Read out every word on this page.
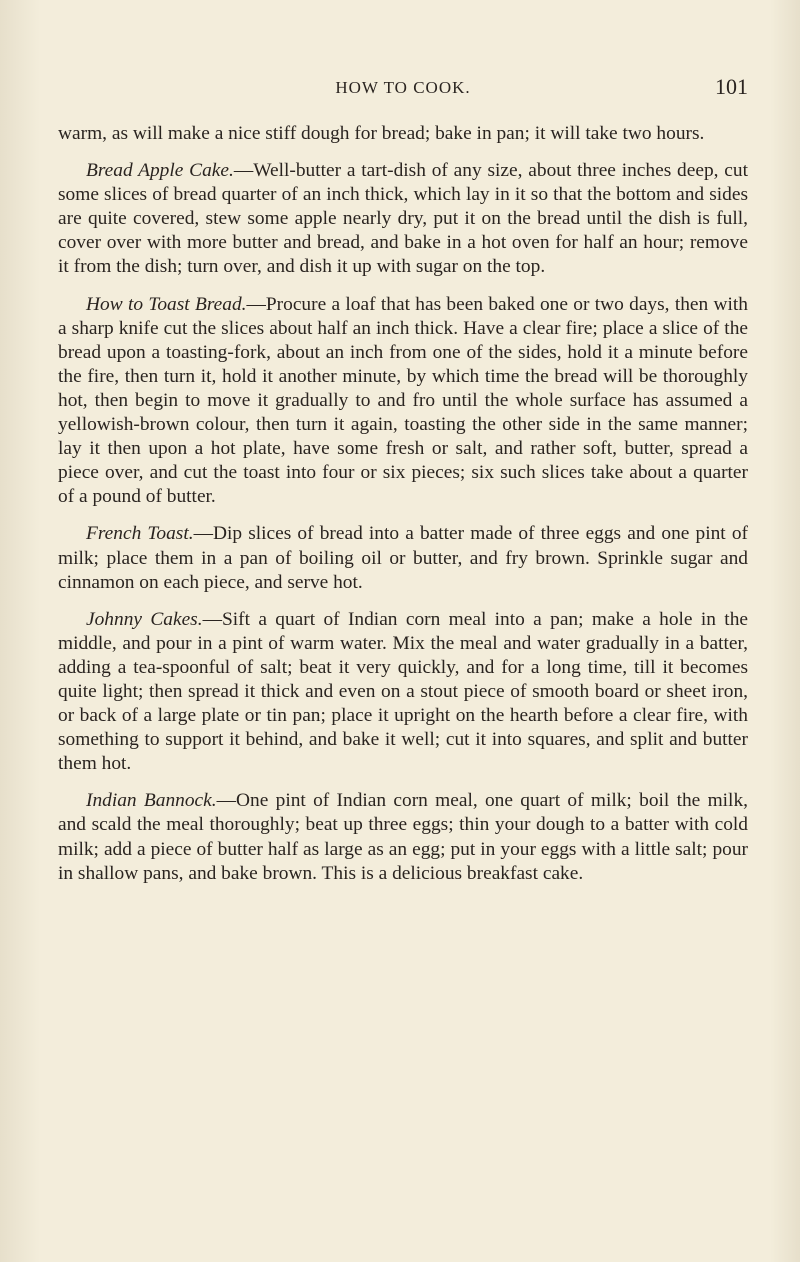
HOW TO COOK.	101

warm, as will make a nice stiff dough for bread; bake in pan; it will take two hours.

Bread Apple Cake.—Well-butter a tart-dish of any size, about three inches deep, cut some slices of bread quarter of an inch thick, which lay in it so that the bottom and sides are quite covered, stew some apple nearly dry, put it on the bread until the dish is full, cover over with more butter and bread, and bake in a hot oven for half an hour; remove it from the dish; turn over, and dish it up with sugar on the top.

How to Toast Bread.—Procure a loaf that has been baked one or two days, then with a sharp knife cut the slices about half an inch thick. Have a clear fire; place a slice of the bread upon a toasting-fork, about an inch from one of the sides, hold it a minute before the fire, then turn it, hold it another minute, by which time the bread will be thoroughly hot, then begin to move it gradually to and fro until the whole surface has assumed a yellowish-brown colour, then turn it again, toasting the other side in the same manner; lay it then upon a hot plate, have some fresh or salt, and rather soft, butter, spread a piece over, and cut the toast into four or six pieces; six such slices take about a quarter of a pound of butter.

French Toast.—Dip slices of bread into a batter made of three eggs and one pint of milk; place them in a pan of boiling oil or butter, and fry brown. Sprinkle sugar and cinnamon on each piece, and serve hot.

Johnny Cakes.—Sift a quart of Indian corn meal into a pan; make a hole in the middle, and pour in a pint of warm water. Mix the meal and water gradually in a batter, adding a tea-spoonful of salt; beat it very quickly, and for a long time, till it becomes quite light; then spread it thick and even on a stout piece of smooth board or sheet iron, or back of a large plate or tin pan; place it upright on the hearth before a clear fire, with something to support it behind, and bake it well; cut it into squares, and split and butter them hot.

Indian Bannock.—One pint of Indian corn meal, one quart of milk; boil the milk, and scald the meal thoroughly; beat up three eggs; thin your dough to a batter with cold milk; add a piece of butter half as large as an egg; put in your eggs with a little salt; pour in shallow pans, and bake brown. This is a delicious breakfast cake.
